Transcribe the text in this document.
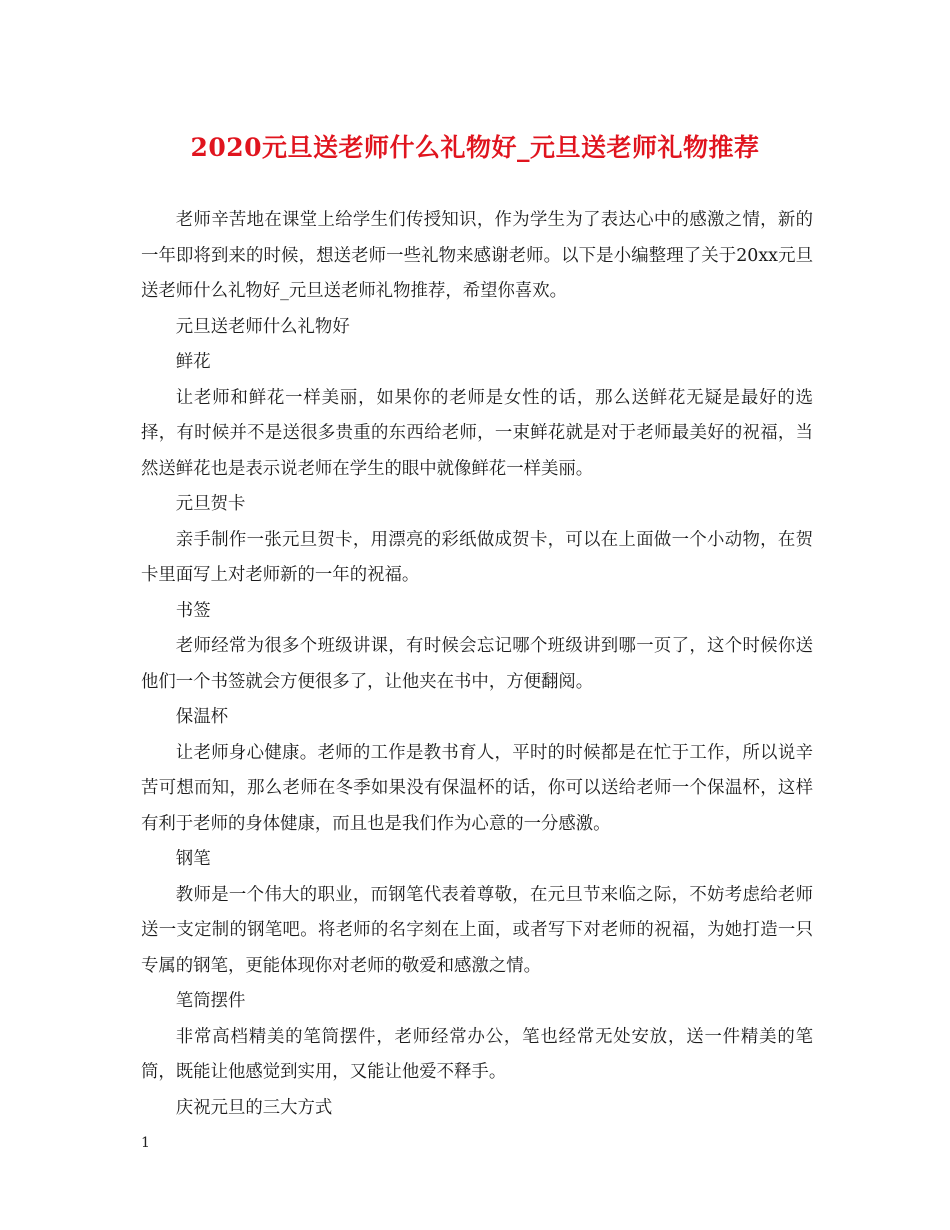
2020元旦送老师什么礼物好_元旦送老师礼物推荐

老师辛苦地在课堂上给学生们传授知识，作为学生为了表达心中的感激之情，新的一年即将到来的时候，想送老师一些礼物来感谢老师。以下是小编整理了关于20xx元旦送老师什么礼物好_元旦送老师礼物推荐，希望你喜欢。

元旦送老师什么礼物好

鲜花

让老师和鲜花一样美丽，如果你的老师是女性的话，那么送鲜花无疑是最好的选择，有时候并不是送很多贵重的东西给老师，一束鲜花就是对于老师最美好的祝福，当然送鲜花也是表示说老师在学生的眼中就像鲜花一样美丽。

元旦贺卡

亲手制作一张元旦贺卡，用漂亮的彩纸做成贺卡，可以在上面做一个小动物，在贺卡里面写上对老师新的一年的祝福。

书签

老师经常为很多个班级讲课，有时候会忘记哪个班级讲到哪一页了，这个时候你送他们一个书签就会方便很多了，让他夹在书中，方便翻阅。

保温杯

让老师身心健康。老师的工作是教书育人，平时的时候都是在忙于工作，所以说辛苦可想而知，那么老师在冬季如果没有保温杯的话，你可以送给老师一个保温杯，这样有利于老师的身体健康，而且也是我们作为心意的一分感激。

钢笔

教师是一个伟大的职业，而钢笔代表着尊敬，在元旦节来临之际，不妨考虑给老师送一支定制的钢笔吧。将老师的名字刻在上面，或者写下对老师的祝福，为她打造一只专属的钢笔，更能体现你对老师的敬爱和感激之情。

笔筒摆件

非常高档精美的笔筒摆件，老师经常办公，笔也经常无处安放，送一件精美的笔筒，既能让他感觉到实用，又能让他爱不释手。

庆祝元旦的三大方式

1
